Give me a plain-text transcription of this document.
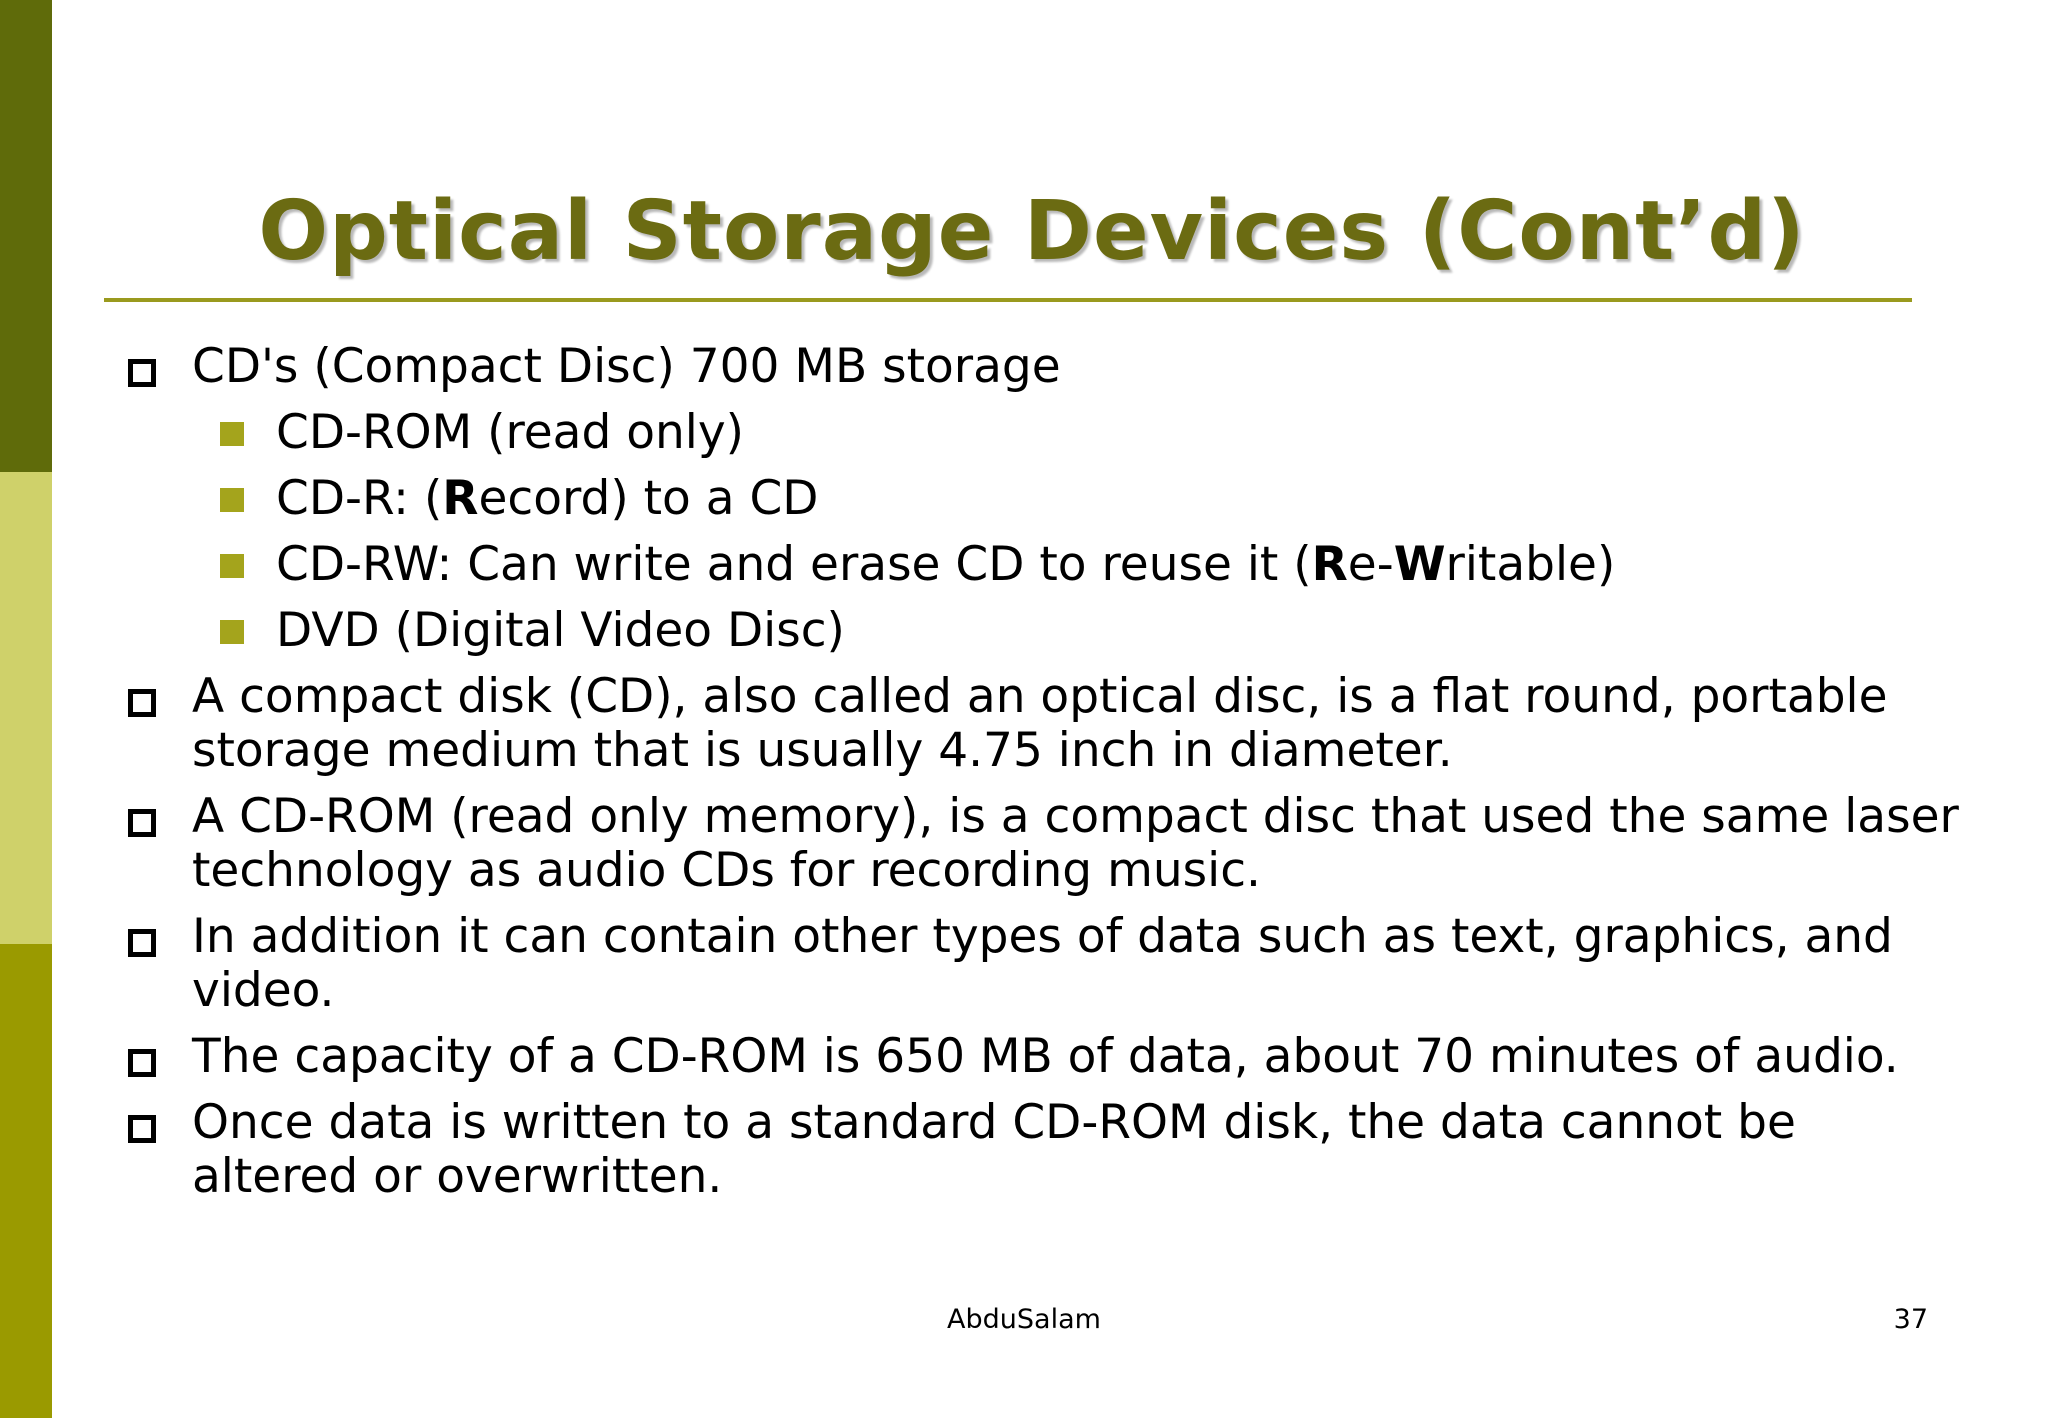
Optical Storage Devices (Cont’d)
CD's (Compact Disc) 700 MB storage
CD-ROM (read only)
CD-R: (Record) to a CD
CD-RW: Can write and erase CD to reuse it (Re-Writable)
DVD (Digital Video Disc)
A compact disk (CD), also called an optical disc, is a flat round, portable storage medium that is usually 4.75 inch in diameter.
A CD-ROM (read only memory), is a compact disc that used the same laser technology as audio CDs for recording music.
In addition it can contain other types of data such as text, graphics, and video.
The capacity of a CD-ROM is 650 MB of data, about 70 minutes of audio.
Once data is written to a standard CD-ROM disk, the data cannot be altered or overwritten.
AbduSalam	37
